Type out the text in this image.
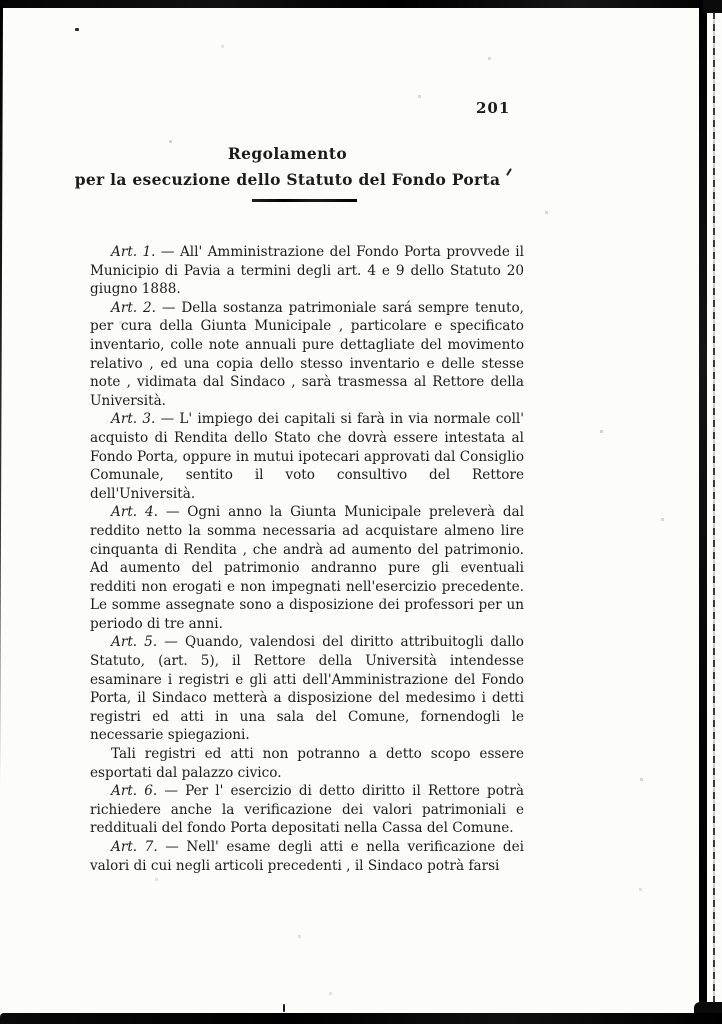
201
Regolamento
per la esecuzione dello Statuto del Fondo Porta

Art. 1. — All' Amministrazione del Fondo Porta provvede il Municipio di Pavia a termini degli art. 4 e 9 dello Statuto 20 giugno 1888.

Art. 2. — Della sostanza patrimoniale sará sempre tenuto, per cura della Giunta Municipale , particolare e specificato inventario, colle note annuali pure dettagliate del movimento relativo , ed una copia dello stesso inventario e delle stesse note , vidimata dal Sindaco , sarà trasmessa al Rettore della Università.

Art. 3. — L' impiego dei capitali si farà in via normale coll' acquisto di Rendita dello Stato che dovrà essere intestata al Fondo Porta, oppure in mutui ipotecari approvati dal Consiglio Comunale, sentito il voto consultivo del Rettore dell'Università.

Art. 4. — Ogni anno la Giunta Municipale preleverà dal reddito netto la somma necessaria ad acquistare almeno lire cinquanta di Rendita , che andrà ad aumento del patrimonio. Ad aumento del patrimonio andranno pure gli eventuali redditi non erogati e non impegnati nell'esercizio precedente. Le somme assegnate sono a disposizione dei professori per un periodo di tre anni.

Art. 5. — Quando, valendosi del diritto attribuitogli dallo Statuto, (art. 5), il Rettore della Università intendesse esaminare i registri e gli atti dell'Amministrazione del Fondo Porta, il Sindaco metterà a disposizione del medesimo i detti registri ed atti in una sala del Comune, fornendogli le necessarie spiegazioni.

Tali registri ed atti non potranno a detto scopo essere esportati dal palazzo civico.

Art. 6. — Per l' esercizio di detto diritto il Rettore potrà richiedere anche la verificazione dei valori patrimoniali e reddituali del fondo Porta depositati nella Cassa del Comune.

Art. 7. — Nell' esame degli atti e nella verificazione dei valori di cui negli articoli precedenti , il Sindaco potrà farsi
